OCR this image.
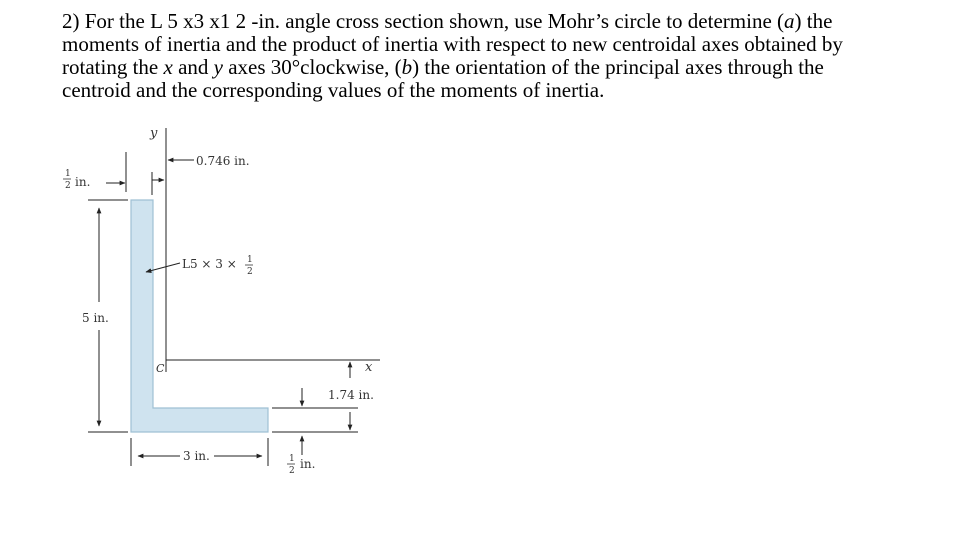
2) For the L 5 x3 x1 2 -in. angle cross section shown, use Mohr’s circle to determine (a) the
moments of inertia and the product of inertia with respect to new centroidal axes obtained by
rotating the x and y axes 30°clockwise, (b) the orientation of the principal axes through the
centroid and the corresponding values of the moments of inertia.
y
x
C
0.746 in.
1
2 in.
L5 × 3 × 1
2
5 in.
3 in.
1.74 in.
1
2 in.
